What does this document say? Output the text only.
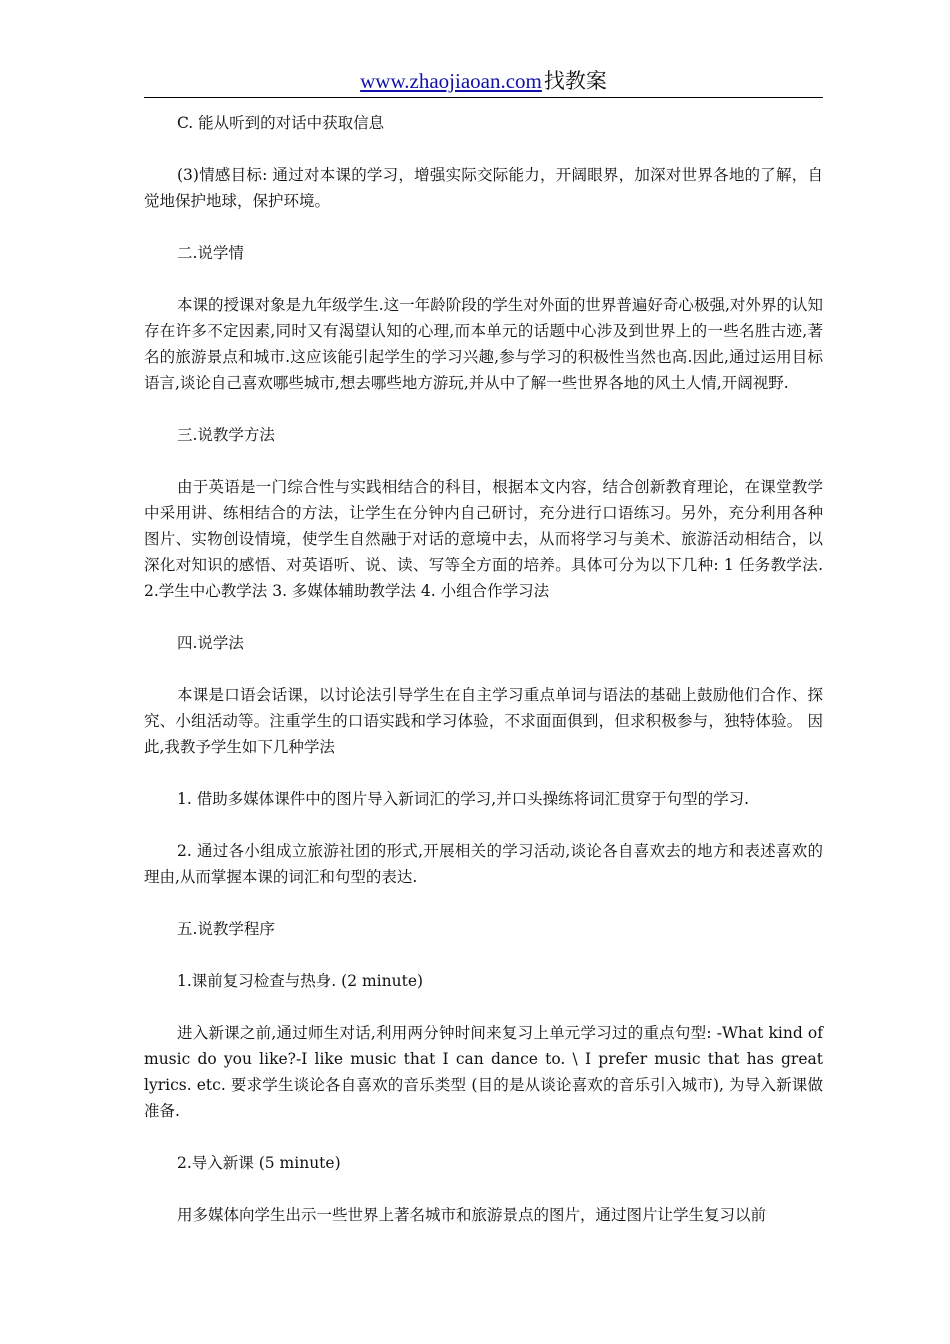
www.zhaojiaoan.com找教案

C. 能从听到的对话中获取信息

(3)情感目标: 通过对本课的学习，增强实际交际能力，开阔眼界，加深对世界各地的了解，自觉地保护地球，保护环境。

二.说学情

本课的授课对象是九年级学生.这一年龄阶段的学生对外面的世界普遍好奇心极强,对外界的认知存在许多不定因素,同时又有渴望认知的心理,而本单元的话题中心涉及到世界上的一些名胜古迹,著名的旅游景点和城市.这应该能引起学生的学习兴趣,参与学习的积极性当然也高.因此,通过运用目标语言,谈论自己喜欢哪些城市,想去哪些地方游玩,并从中了解一些世界各地的风土人情,开阔视野.

三.说教学方法

由于英语是一门综合性与实践相结合的科目，根据本文内容，结合创新教育理论，在课堂教学中采用讲、练相结合的方法，让学生在分钟内自己研讨，充分进行口语练习。另外，充分利用各种图片、实物创设情境，使学生自然融于对话的意境中去，从而将学习与美术、旅游活动相结合，以深化对知识的感悟、对英语听、说、读、写等全方面的培养。具体可分为以下几种: 1 任务教学法. 2.学生中心教学法 3. 多媒体辅助教学法 4. 小组合作学习法

四.说学法

本课是口语会话课，以讨论法引导学生在自主学习重点单词与语法的基础上鼓励他们合作、探究、小组活动等。注重学生的口语实践和学习体验，不求面面俱到，但求积极参与，独特体验。 因此,我教予学生如下几种学法

1. 借助多媒体课件中的图片导入新词汇的学习,并口头操练将词汇贯穿于句型的学习.

2. 通过各小组成立旅游社团的形式,开展相关的学习活动,谈论各自喜欢去的地方和表述喜欢的理由,从而掌握本课的词汇和句型的表达.

五.说教学程序

1.课前复习检查与热身. (2 minute)

进入新课之前,通过师生对话,利用两分钟时间来复习上单元学习过的重点句型: -What kind of music do you like?-I like music that I can dance to. \ I prefer music that has great lyrics. etc. 要求学生谈论各自喜欢的音乐类型 (目的是从谈论喜欢的音乐引入城市), 为导入新课做准备.

2.导入新课 (5 minute)

用多媒体向学生出示一些世界上著名城市和旅游景点的图片，通过图片让学生复习以前
